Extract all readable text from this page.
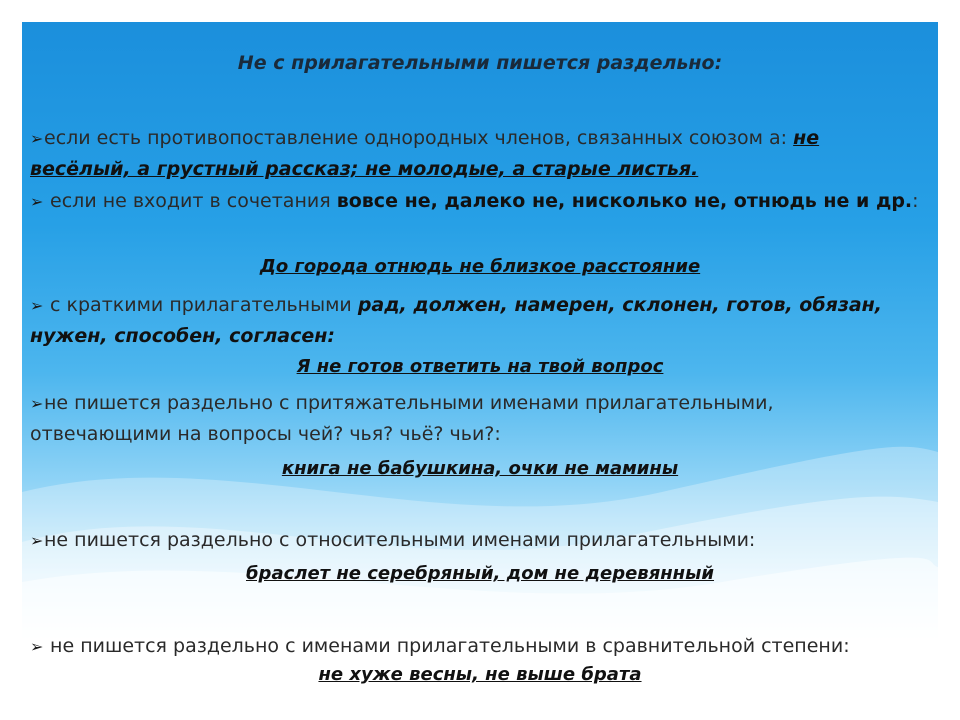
Не с прилагательными пишется раздельно:
➢если есть противопоставление однородных членов, связанных союзом а: не весёлый, а грустный рассказ; не молодые, а старые листья.
➢ если не входит в сочетания вовсе не, далеко не, нисколько не, отнюдь не и др.:
До города отнюдь не близкое расстояние
➢ с краткими прилагательными рад, должен, намерен, склонен, готов, обязан, нужен, способен, согласен:
Я не готов ответить на твой вопрос
➢не пишется раздельно с притяжательными именами прилагательными, отвечающими на вопросы чей? чья? чьё? чьи?:
книга не бабушкина, очки не мамины
➢не пишется раздельно с относительными именами прилагательными:
браслет не серебряный, дом не деревянный
➢ не пишется раздельно с именами прилагательными в сравнительной степени:
не хуже весны, не выше брата
